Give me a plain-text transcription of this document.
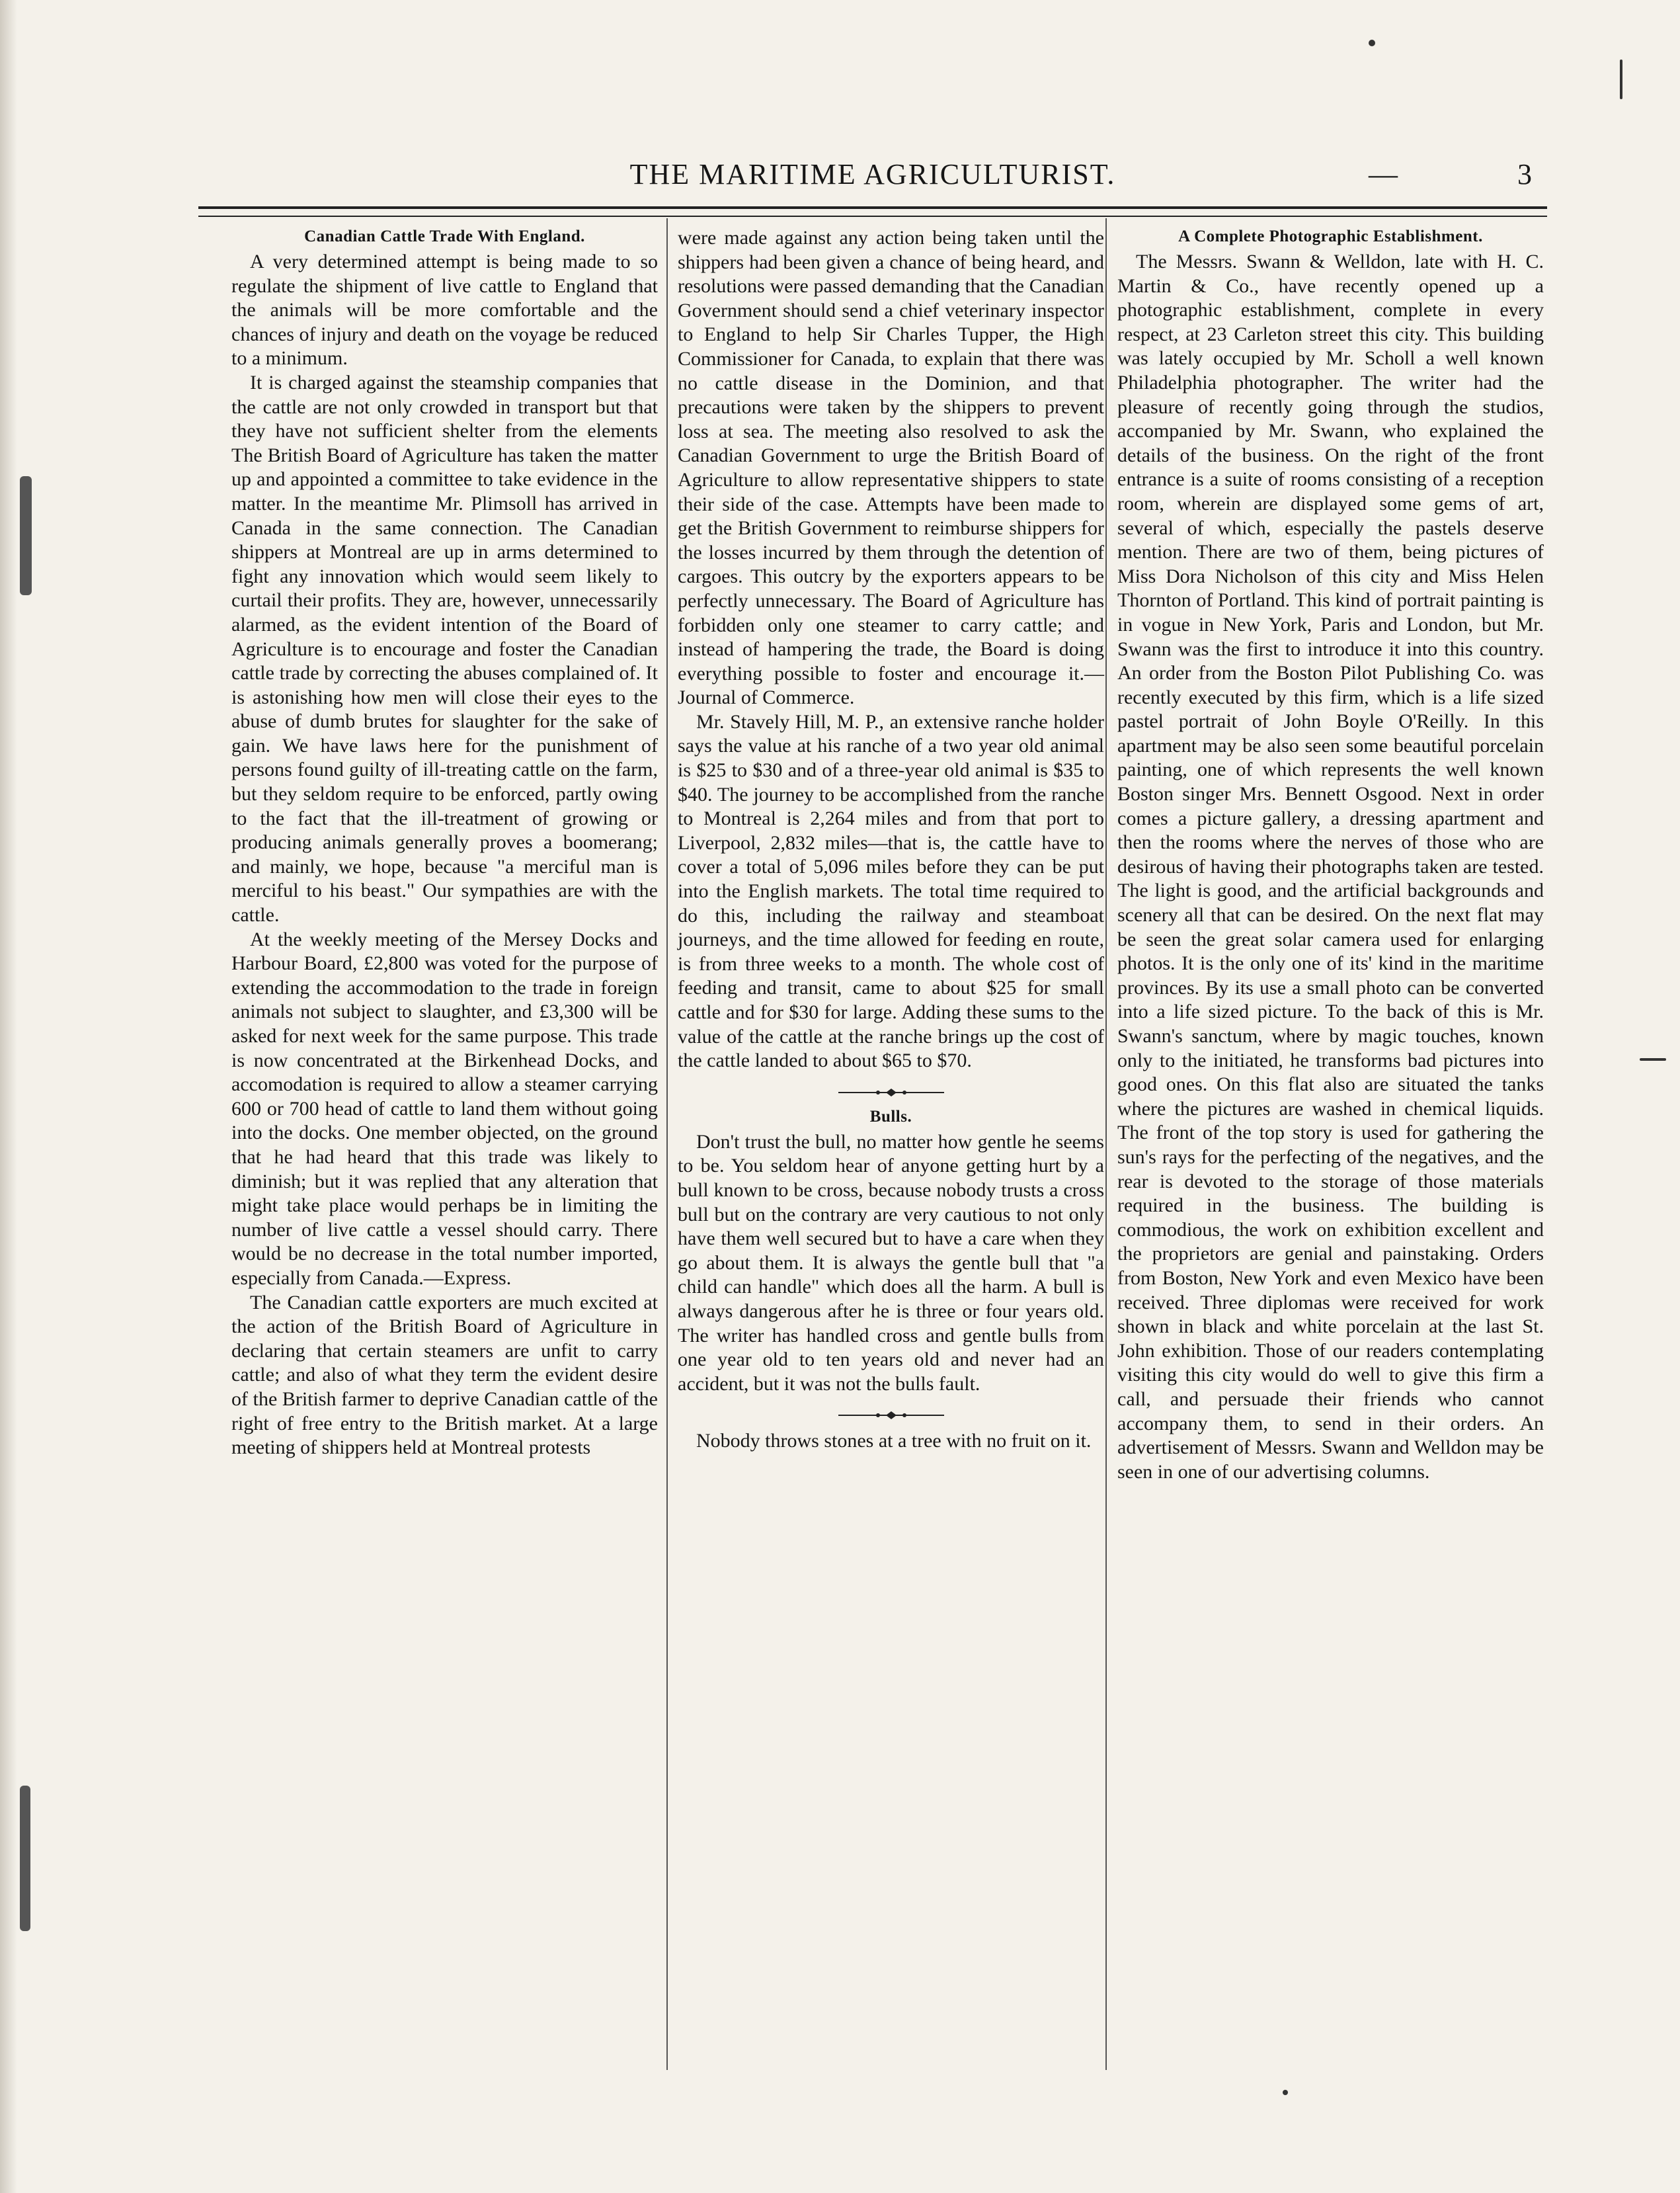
THE MARITIME AGRICULTURIST.	—	3
Canadian Cattle Trade With England.

A very determined attempt is being made to so regulate the shipment of live cattle to England that the animals will be more comfortable and the chances of injury and death on the voyage be reduced to a minimum.

It is charged against the steamship companies that the cattle are not only crowded in transport but that they have not sufficient shelter from the elements The British Board of Agriculture has taken the matter up and appointed a committee to take evidence in the matter. In the meantime Mr. Plimsoll has arrived in Canada in the same connection. The Canadian shippers at Montreal are up in arms determined to fight any innovation which would seem likely to curtail their profits. They are, however, unnecessarily alarmed, as the evident intention of the Board of Agriculture is to encourage and foster the Canadian cattle trade by correcting the abuses complained of. It is astonishing how men will close their eyes to the abuse of dumb brutes for slaughter for the sake of gain. We have laws here for the punishment of persons found guilty of ill-treating cattle on the farm, but they seldom require to be enforced, partly owing to the fact that the ill-treatment of growing or producing animals generally proves a boomerang; and mainly, we hope, because "a merciful man is merciful to his beast." Our sympathies are with the cattle.

At the weekly meeting of the Mersey Docks and Harbour Board, £2,800 was voted for the purpose of extending the accommodation to the trade in foreign animals not subject to slaughter, and £3,300 will be asked for next week for the same purpose. This trade is now concentrated at the Birkenhead Docks, and accomodation is required to allow a steamer carrying 600 or 700 head of cattle to land them without going into the docks. One member objected, on the ground that he had heard that this trade was likely to diminish; but it was replied that any alteration that might take place would perhaps be in limiting the number of live cattle a vessel should carry. There would be no decrease in the total number imported, especially from Canada.—Express.

The Canadian cattle exporters are much excited at the action of the British Board of Agriculture in declaring that certain steamers are unfit to carry cattle; and also of what they term the evident desire of the British farmer to deprive Canadian cattle of the right of free entry to the British market. At a large meeting of shippers held at Montreal protests

were made against any action being taken until the shippers had been given a chance of being heard, and resolutions were passed demanding that the Canadian Government should send a chief veterinary inspector to England to help Sir Charles Tupper, the High Commissioner for Canada, to explain that there was no cattle disease in the Dominion, and that precautions were taken by the shippers to prevent loss at sea. The meeting also resolved to ask the Canadian Government to urge the British Board of Agriculture to allow representative shippers to state their side of the case. Attempts have been made to get the British Government to reimburse shippers for the losses incurred by them through the detention of cargoes. This outcry by the exporters appears to be perfectly unnecessary. The Board of Agriculture has forbidden only one steamer to carry cattle; and instead of hampering the trade, the Board is doing everything possible to foster and encourage it.—Journal of Commerce.

Mr. Stavely Hill, M. P., an extensive ranche holder says the value at his ranche of a two year old animal is $25 to $30 and of a three-year old animal is $35 to $40. The journey to be accomplished from the ranche to Montreal is 2,264 miles and from that port to Liverpool, 2,832 miles—that is, the cattle have to cover a total of 5,096 miles before they can be put into the English markets. The total time required to do this, including the railway and steamboat journeys, and the time allowed for feeding en route, is from three weeks to a month. The whole cost of feeding and transit, came to about $25 for small cattle and for $30 for large. Adding these sums to the value of the cattle at the ranche brings up the cost of the cattle landed to about $65 to $70.

Bulls.

Don't trust the bull, no matter how gentle he seems to be. You seldom hear of anyone getting hurt by a bull known to be cross, because nobody trusts a cross bull but on the contrary are very cautious to not only have them well secured but to have a care when they go about them. It is always the gentle bull that "a child can handle" which does all the harm. A bull is always dangerous after he is three or four years old. The writer has handled cross and gentle bulls from one year old to ten years old and never had an accident, but it was not the bulls fault.

Nobody throws stones at a tree with no fruit on it.

A Complete Photographic Establishment.

The Messrs. Swann & Welldon, late with H. C. Martin & Co., have recently opened up a photographic establishment, complete in every respect, at 23 Carleton street this city. This building was lately occupied by Mr. Scholl a well known Philadelphia photographer. The writer had the pleasure of recently going through the studios, accompanied by Mr. Swann, who explained the details of the business. On the right of the front entrance is a suite of rooms consisting of a reception room, wherein are displayed some gems of art, several of which, especially the pastels deserve mention. There are two of them, being pictures of Miss Dora Nicholson of this city and Miss Helen Thornton of Portland. This kind of portrait painting is in vogue in New York, Paris and London, but Mr. Swann was the first to introduce it into this country. An order from the Boston Pilot Publishing Co. was recently executed by this firm, which is a life sized pastel portrait of John Boyle O'Reilly. In this apartment may be also seen some beautiful porcelain painting, one of which represents the well known Boston singer Mrs. Bennett Osgood. Next in order comes a picture gallery, a dressing apartment and then the rooms where the nerves of those who are desirous of having their photographs taken are tested. The light is good, and the artificial backgrounds and scenery all that can be desired. On the next flat may be seen the great solar camera used for enlarging photos. It is the only one of its' kind in the maritime provinces. By its use a small photo can be converted into a life sized picture. To the back of this is Mr. Swann's sanctum, where by magic touches, known only to the initiated, he transforms bad pictures into good ones. On this flat also are situated the tanks where the pictures are washed in chemical liquids. The front of the top story is used for gathering the sun's rays for the perfecting of the negatives, and the rear is devoted to the storage of those materials required in the business. The building is commodious, the work on exhibition excellent and the proprietors are genial and painstaking. Orders from Boston, New York and even Mexico have been received. Three diplomas were received for work shown in black and white porcelain at the last St. John exhibition. Those of our readers contemplating visiting this city would do well to give this firm a call, and persuade their friends who cannot accompany them, to send in their orders. An advertisement of Messrs. Swann and Welldon may be seen in one of our advertising columns.
